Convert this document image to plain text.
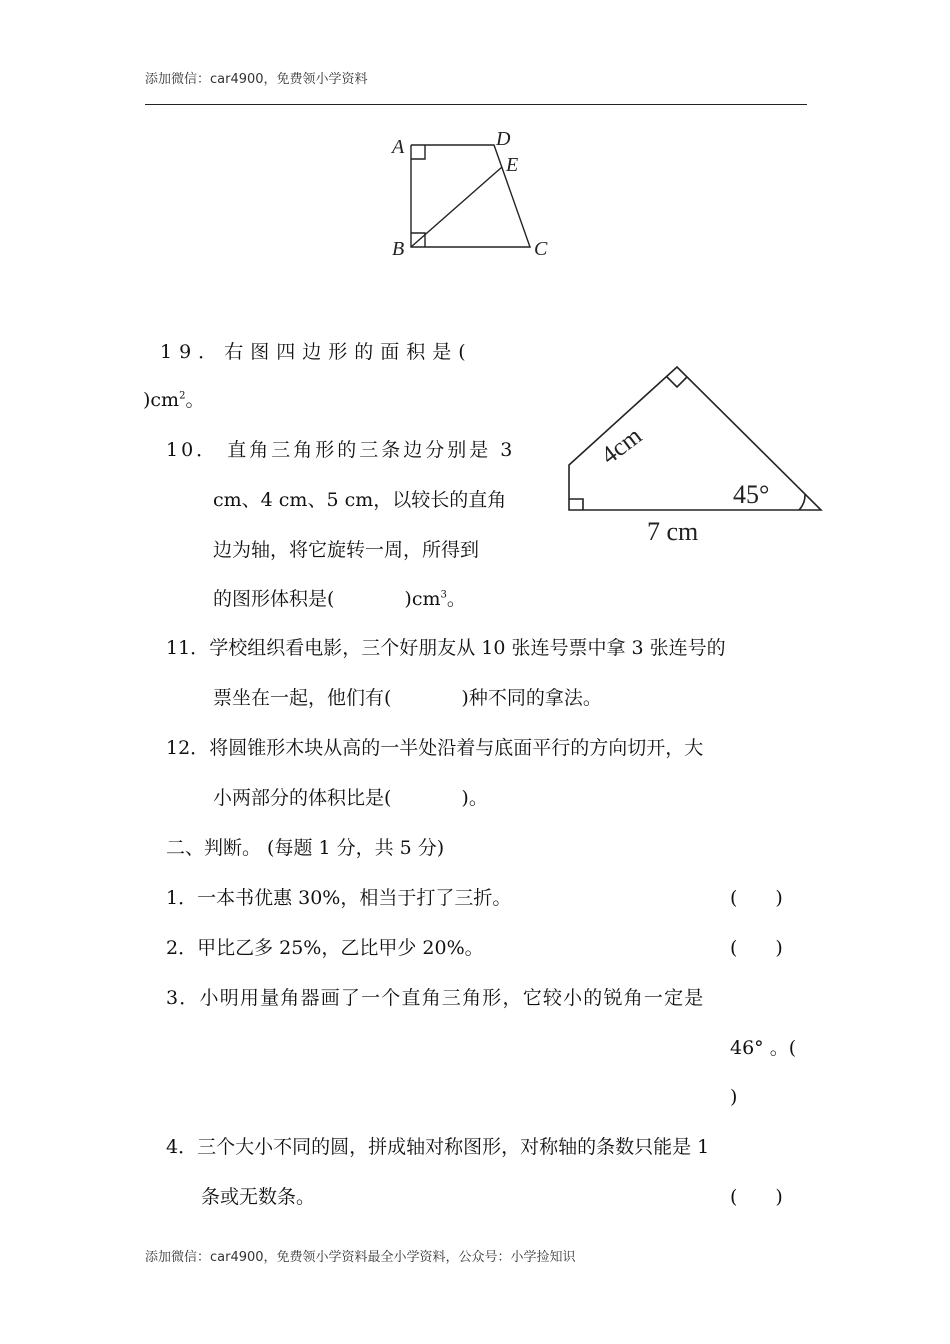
添加微信：car4900，免费领小学资料
A	D
E
B	C
4cm
7 cm
45°
19．右图四边形的面积是(
)$cm^2$。
10． 直角三角形的三条边分别是 3
cm、4 cm、5 cm，以较长的直角
边为轴，将它旋转一周，所得到
的图形体积是(	)$cm^3$。
11．学校组织看电影，三个好朋友从 10 张连号票中拿 3 张连号的
票坐在一起，他们有(	)种不同的拿法。
12．将圆锥形木块从高的一半处沿着与底面平行的方向切开，大
小两部分的体积比是(	)。
二、判断。 (每题 1 分，共 5 分)
1．一本书优惠 30%，相当于打了三折。	(　　)
2．甲比乙多 25%，乙比甲少 20%。	(　　)
3．小明用量角器画了一个直角三角形，它较小的锐角一定是
46° 。(
)
4．三个大小不同的圆，拼成轴对称图形，对称轴的条数只能是 1
条或无数条。	(　　)
添加微信：car4900，免费领小学资料最全小学资料，公众号：小学捡知识
